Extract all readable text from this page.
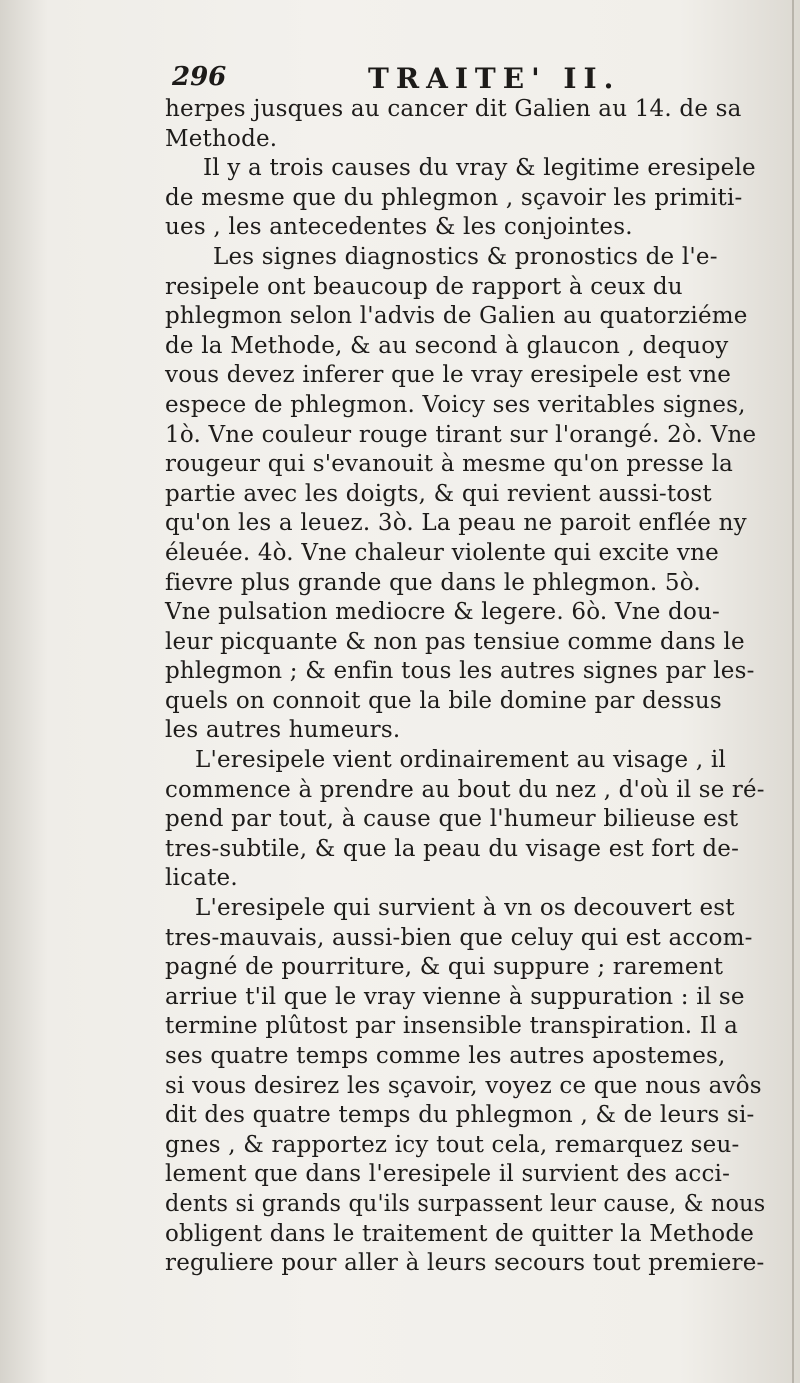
296	TRAITE' II.
herpes jusques au cancer dit Galien au 14. de sa
Methode.
Il y a trois causes du vray & legitime eresipele
de mesme que du phlegmon , sçavoir les primiti-
ues , les antecedentes & les conjointes.
Les signes diagnostics & pronostics de l'e-
resipele ont beaucoup de rapport à ceux du
phlegmon selon l'advis de Galien au quatorziéme
de la Methode, & au second à glaucon , dequoy
vous devez inferer que le vray eresipele est vne
espece de phlegmon. Voicy ses veritables signes,
1ò. Vne couleur rouge tirant sur l'orangé. 2ò. Vne
rougeur qui s'evanouit à mesme qu'on presse la
partie avec les doigts, & qui revient aussi-tost
qu'on les a leuez. 3ò. La peau ne paroit enflée ny
éleuée. 4ò. Vne chaleur violente qui excite vne
fievre plus grande que dans le phlegmon. 5ò.
Vne pulsation mediocre & legere. 6ò. Vne dou-
leur picquante & non pas tensiue comme dans le
phlegmon ; & enfin tous les autres signes par les-
quels on connoit que la bile domine par dessus
les autres humeurs.
L'eresipele vient ordinairement au visage , il
commence à prendre au bout du nez , d'où il se ré-
pend par tout, à cause que l'humeur bilieuse est
tres-subtile, & que la peau du visage est fort de-
licate.
L'eresipele qui survient à vn os decouvert est
tres-mauvais, aussi-bien que celuy qui est accom-
pagné de pourriture, & qui suppure ; rarement
arriue t'il que le vray vienne à suppuration : il se
termine plûtost par insensible transpiration. Il a
ses quatre temps comme les autres apostemes,
si vous desirez les sçavoir, voyez ce que nous avôs
dit des quatre temps du phlegmon , & de leurs si-
gnes , & rapportez icy tout cela, remarquez seu-
lement que dans l'eresipele il survient des acci-
dents si grands qu'ils surpassent leur cause, & nous
obligent dans le traitement de quitter la Methode
reguliere pour aller à leurs secours tout premiere-
